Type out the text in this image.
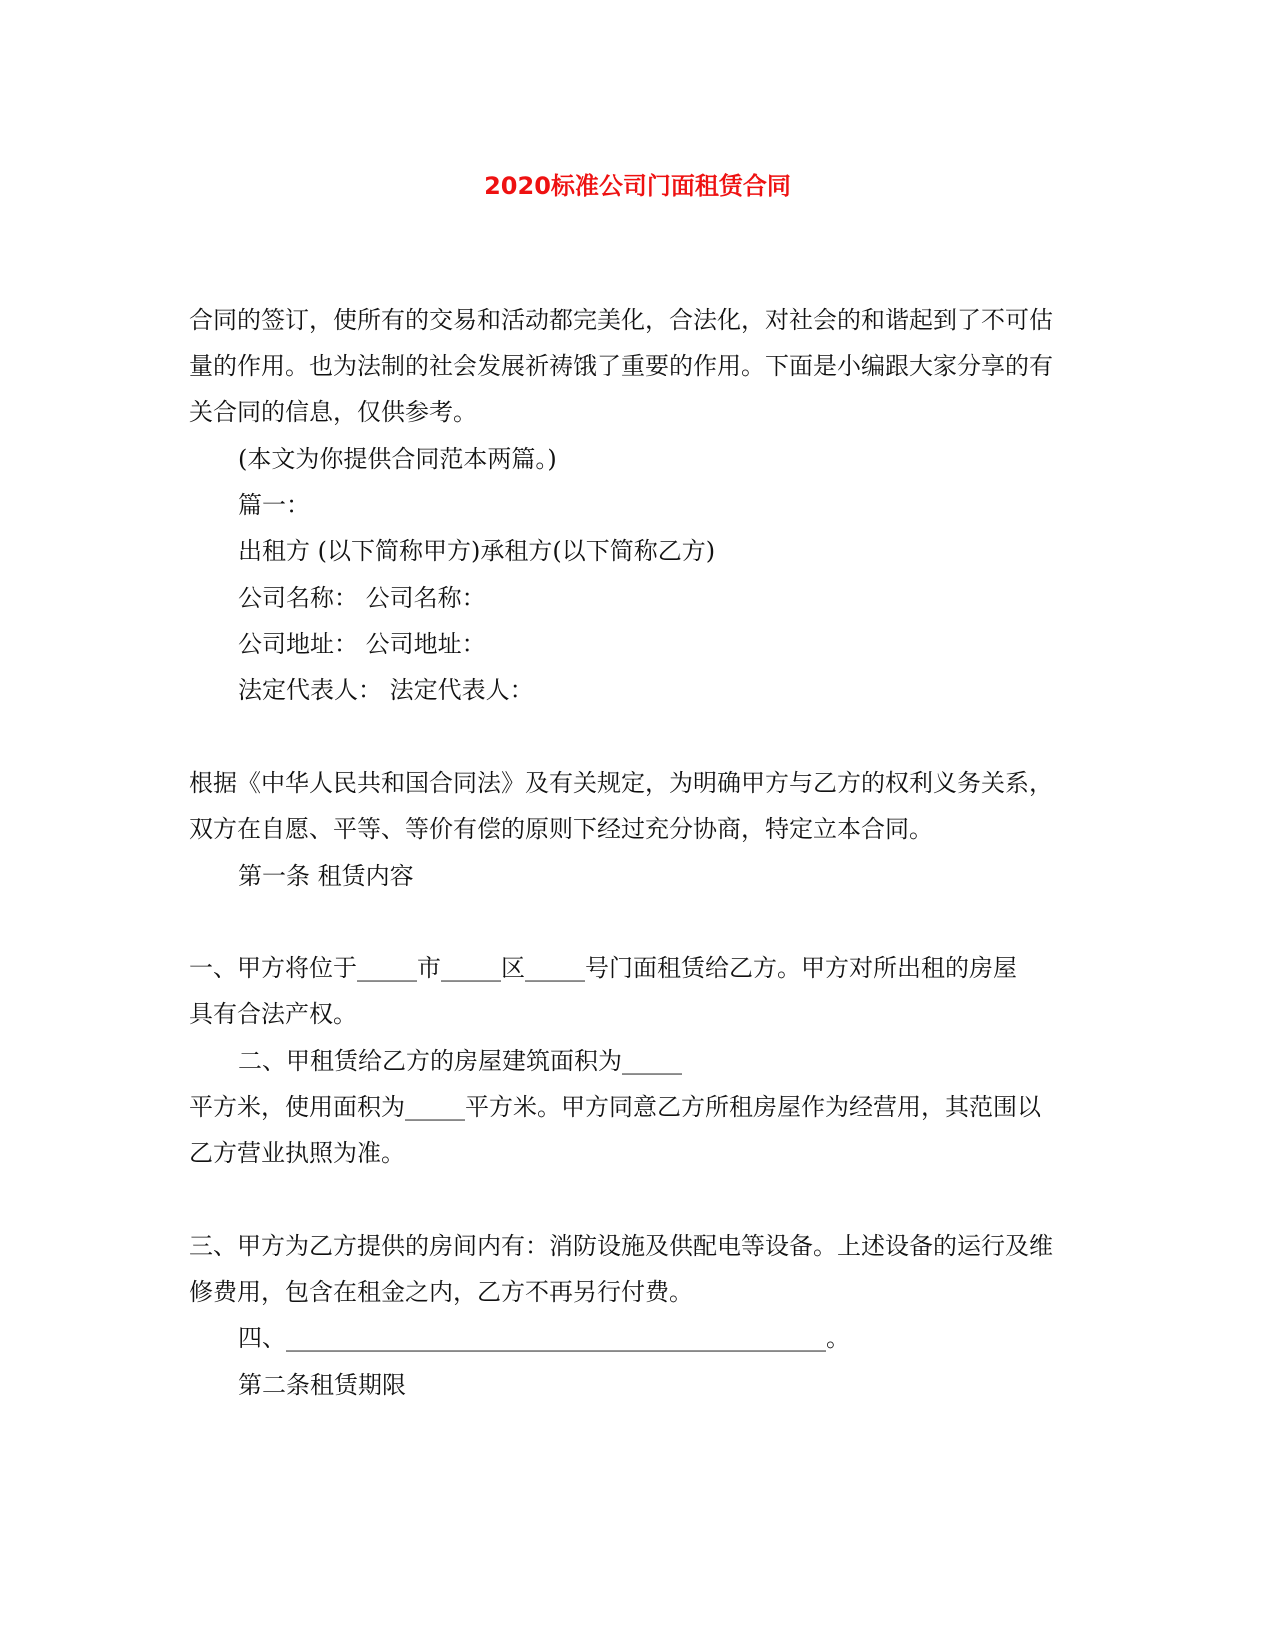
2020标准公司门面租赁合同
合同的签订，使所有的交易和活动都完美化，合法化，对社会的和谐起到了不可估
量的作用。也为法制的社会发展祈祷饿了重要的作用。下面是小编跟大家分享的有
关合同的信息，仅供参考。
(本文为你提供合同范本两篇。)
篇一：
出租方 (以下简称甲方)承租方(以下简称乙方)
公司名称： 公司名称：
公司地址： 公司地址：
法定代表人： 法定代表人：
根据《中华人民共和国合同法》及有关规定，为明确甲方与乙方的权利义务关系，
双方在自愿、平等、等价有偿的原则下经过充分协商，特定立本合同。
第一条 租赁内容
一、甲方将位于_____市_____区_____号门面租赁给乙方。甲方对所出租的房屋
具有合法产权。
二、甲租赁给乙方的房屋建筑面积为_____
平方米，使用面积为_____平方米。甲方同意乙方所租房屋作为经营用，其范围以
乙方营业执照为准。
三、甲方为乙方提供的房间内有：消防设施及供配电等设备。上述设备的运行及维
修费用，包含在租金之内，乙方不再另行付费。
四、_____________________________________________。
第二条租赁期限
